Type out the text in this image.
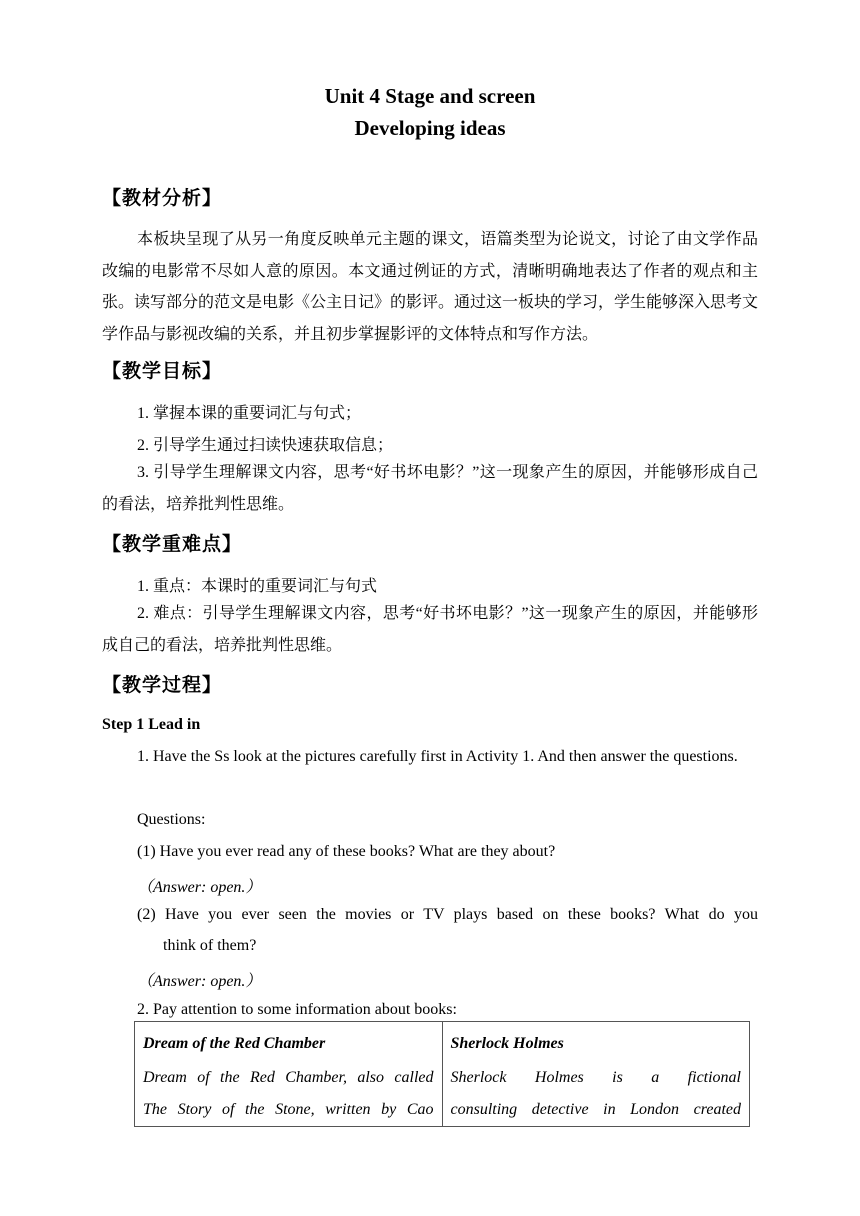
Unit 4 Stage and screen
Developing ideas
【教材分析】
本板块呈现了从另一角度反映单元主题的课文，语篇类型为论说文，讨论了由文学作品改编的电影常不尽如人意的原因。本文通过例证的方式，清晰明确地表达了作者的观点和主张。读写部分的范文是电影《公主日记》的影评。通过这一板块的学习，学生能够深入思考文学作品与影视改编的关系，并且初步掌握影评的文体特点和写作方法。
【教学目标】
1. 掌握本课的重要词汇与句式；
2. 引导学生通过扫读快速获取信息；
3. 引导学生理解课文内容，思考“好书坏电影？”这一现象产生的原因，并能够形成自己的看法，培养批判性思维。
【教学重难点】
1. 重点：本课时的重要词汇与句式
2. 难点：引导学生理解课文内容，思考“好书坏电影？”这一现象产生的原因，并能够形成自己的看法，培养批判性思维。
【教学过程】
Step 1 Lead in
1. Have the Ss look at the pictures carefully first in Activity 1. And then answer the questions.
Questions:
(1) Have you ever read any of these books? What are they about?
（Answer: open.）
(2) Have you ever seen the movies or TV plays based on these books? What do you
think of them?
（Answer: open.）
2. Pay attention to some information about books:
Dream of the Red Chamber
Dream of the Red Chamber, also called
The Story of the Stone, written by Cao

Sherlock Holmes
Sherlock Holmes is a fictional
consulting detective in London created
